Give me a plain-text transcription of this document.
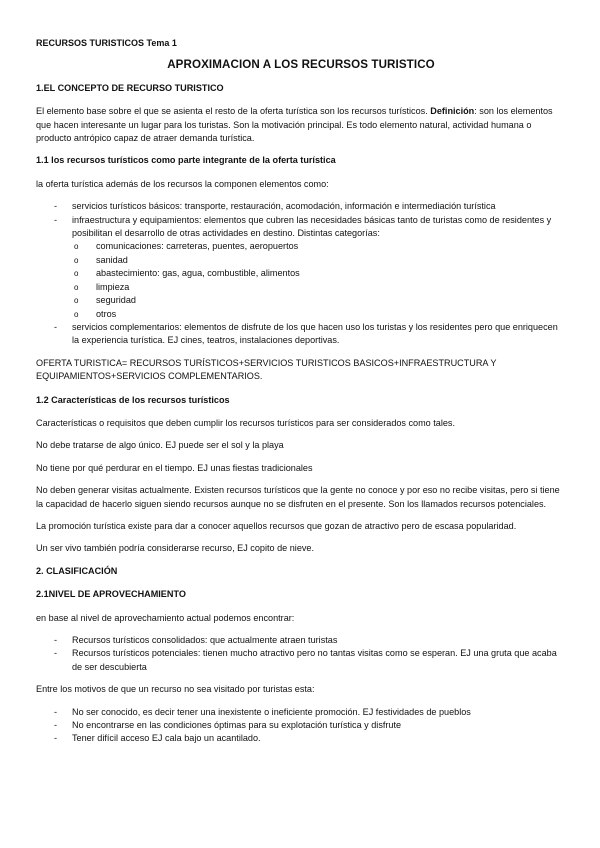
RECURSOS TURISTICOS Tema 1

APROXIMACION A LOS RECURSOS TURISTICO

1.EL CONCEPTO DE RECURSO TURISTICO

El elemento base sobre el que se asienta el resto de la oferta turística son los recursos turísticos. Definición: son los elementos que hacen interesante un lugar para los turistas. Son la motivación principal. Es todo elemento natural, actividad humana o producto antrópico capaz de atraer demanda turística.

1.1 los recursos turísticos como parte integrante de la oferta turística

la oferta turística además de los recursos la componen elementos como:

- servicios turísticos básicos: transporte, restauración, acomodación, información e intermediación turística
- infraestructura y equipamientos: elementos que cubren las necesidades básicas tanto de turistas como de residentes y posibilitan el desarrollo de otras actividades en destino. Distintas categorías:
o comunicaciones: carreteras, puentes, aeropuertos
o sanidad
o abastecimiento: gas, agua, combustible, alimentos
o limpieza
o seguridad
o otros
- servicios complementarios: elementos de disfrute de los que hacen uso los turistas y los residentes pero que enriquecen la experiencia turística. EJ cines, teatros, instalaciones deportivas.

OFERTA TURISTICA= RECURSOS TURÍSTICOS+SERVICIOS TURISTICOS BASICOS+INFRAESTRUCTURA Y EQUIPAMIENTOS+SERVICIOS COMPLEMENTARIOS.

1.2 Características de los recursos turísticos

Características o requisitos que deben cumplir los recursos turísticos para ser considerados como tales.

No debe tratarse de algo único. EJ puede ser el sol y la playa

No tiene por qué perdurar en el tiempo. EJ unas fiestas tradicionales

No deben generar visitas actualmente. Existen recursos turísticos que la gente no conoce y por eso no recibe visitas, pero si tiene la capacidad de hacerlo siguen siendo recursos aunque no se disfruten en el presente. Son los llamados recursos potenciales.

La promoción turística existe para dar a conocer aquellos recursos que gozan de atractivo pero de escasa popularidad.

Un ser vivo también podría considerarse recurso, EJ copito de nieve.

2. CLASIFICACIÓN

2.1NIVEL DE APROVECHAMIENTO

en base al nivel de aprovechamiento actual podemos encontrar:

- Recursos turísticos consolidados: que actualmente atraen turistas
- Recursos turísticos potenciales: tienen mucho atractivo pero no tantas visitas como se esperan. EJ una gruta que acaba de ser descubierta

Entre los motivos de que un recurso no sea visitado por turistas esta:

- No ser conocido, es decir tener una inexistente o ineficiente promoción. EJ festividades de pueblos
- No encontrarse en las condiciones óptimas para su explotación turística y disfrute
- Tener difícil acceso EJ cala bajo un acantilado.
